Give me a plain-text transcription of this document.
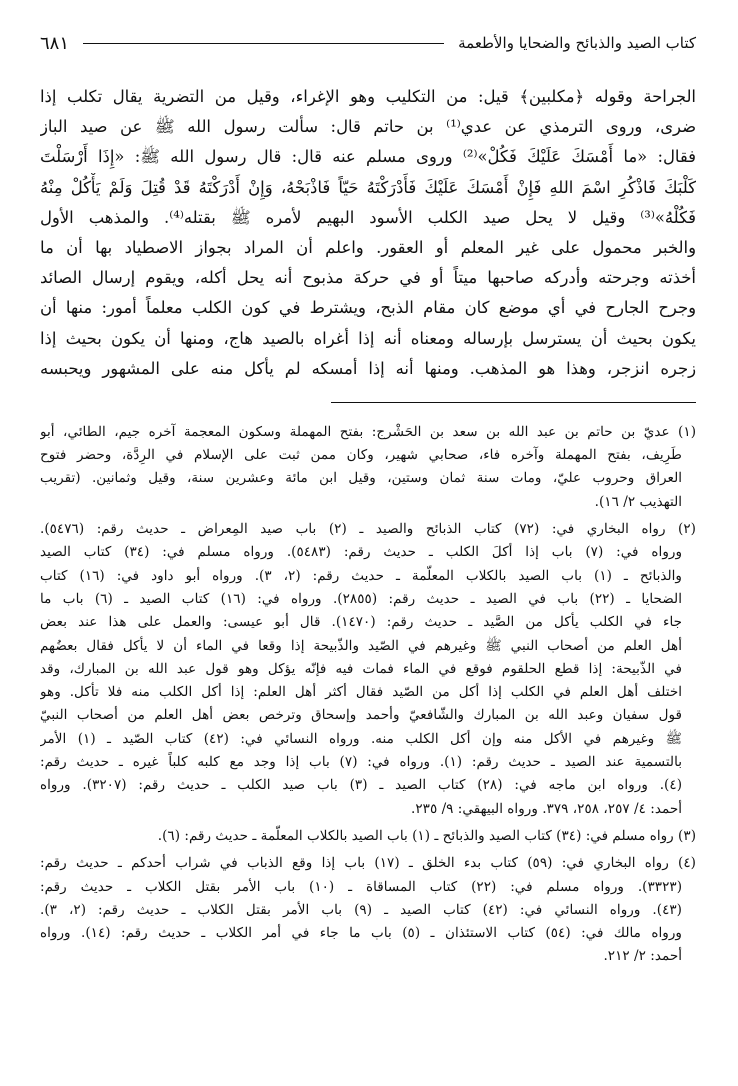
كتاب الصيد والذبائح والضحايا والأطعمة
٦٨١
الجراحة وقوله ﴿مكلبين﴾ قيل: من التكليب وهو الإغراء، وقيل من التضرية يقال تكلب إذا
ضرى، وروى الترمذي عن عدي⁽¹⁾ بن حاتم قال: سألت رسول الله ﷺ عن صيد الباز
فقال: «ما أَمْسَكَ عَلَيْكَ فَكُلْ»⁽²⁾ وروى مسلم عنه قال: قال رسول الله ﷺ: «إِذَا أَرْسَلْتَ
كَلْبَكَ فَاذْكُرِ اسْمَ اللهِ فَإِنْ أَمْسَكَ عَلَيْكَ فَأَدْرَكْتَهُ حَيّاً فَاذْبَحْهُ، وَإِنْ أَدْرَكْتَهُ قَدْ قُتِلَ وَلَمْ يَأْكُلْ مِنْهُ
فَكُلْهُ»⁽³⁾ وقيل لا يحل صيد الكلب الأسود البهيم لأمره ﷺ بقتله⁽⁴⁾. والمذهب الأول
والخبر محمول على غير المعلم أو العقور. واعلم أن المراد بجواز الاصطياد بها أن ما
أخذته وجرحته وأدركه صاحبها ميتاً أو في حركة مذبوح أنه يحل أكله، ويقوم إرسال الصائد
وجرح الجارح في أي موضع كان مقام الذبح، ويشترط في كون الكلب معلماً أمور: منها أن
يكون بحيث أن يسترسل بإرساله ومعناه أنه إذا أغراه بالصيد هاج، ومنها أن يكون بحيث إذا
زجره انزجر، وهذا هو المذهب. ومنها أنه إذا أمسكه لم يأكل منه على المشهور ويحبسه
(١) عديّ بن حاتم بن عبد الله بن سعد بن الحَشْرج: بفتح المهملة وسكون المعجمة آخره جيم، الطائي، أبو
طَرِيف، بفتح المهملة وآخره فاء، صحابي شهير، وكان ممن ثبت على الإسلام في الرِدَّة، وحضر فتوح
العراق وحروب عليّ، ومات سنة ثمان وستين، وقيل ابن مائة وعشرين سنة، وقيل وثمانين. (تقريب
التهذيب ٢/ ١٦).
(٢) رواه البخاري في: (٧٢) كتاب الذبائح والصيد ـ (٢) باب صيد المِعراض ـ حديث رقم: (٥٤٧٦).
ورواه في: (٧) باب إذا أكلَ الكلب ـ حديث رقم: (٥٤٨٣). ورواه مسلم في: (٣٤) كتاب الصيد
والذبائح ـ (١) باب الصيد بالكلاب المعلَّمة ـ حديث رقم: (٢، ٣). ورواه أبو داود في: (١٦) كتاب
الضحايا ـ (٢٢) باب في الصيد ـ حديث رقم: (٢٨٥٥). ورواه في: (١٦) كتاب الصيد ـ (٦) باب ما
جاء في الكلب يأكل من الصَّيد ـ حديث رقم: (١٤٧٠). قال أبو عيسى: والعمل على هذا عند بعض
أهل العلم من أصحاب النبي ﷺ وغيرهم في الصّيد والذّبيحة إذا وقعا في الماء أن لا يأكل فقال بعضُهم
في الذّبيحة: إذا قطع الحلقوم فوقع في الماء فمات فيه فإنّه يؤكل وهو قول عبد الله بن المبارك، وقد
اختلف أهل العلم في الكلب إذا أكل من الصّيد فقال أكثر أهل العلم: إذا أكل الكلب منه فلا تأكل. وهو
قول سفيان وعبد الله بن المبارك والشّافعيّ وأحمد وإسحاق وترخص بعض أهل العلم من أصحاب النبيّ
ﷺ وغيرهم في الأكل منه وإن أكل الكلب منه. ورواه النسائي في: (٤٢) كتاب الصّيد ـ (١) الأمر
بالتسمية عند الصيد ـ حديث رقم: (١). ورواه في: (٧) باب إذا وجد مع كلبه كلباً غيره ـ حديث رقم:
(٤). ورواه ابن ماجه في: (٢٨) كتاب الصيد ـ (٣) باب صيد الكلب ـ حديث رقم: (٣٢٠٧). ورواه
أحمد: ٤/ ٢٥٧، ٢٥٨، ٣٧٩. ورواه البيهقي: ٩/ ٢٣٥.
(٣) رواه مسلم في: (٣٤) كتاب الصيد والذبائح ـ (١) باب الصيد بالكلاب المعلَّمة ـ حديث رقم: (٦).
(٤) رواه البخاري في: (٥٩) كتاب بدء الخلق ـ (١٧) باب إذا وقع الذباب في شراب أحدكم ـ حديث رقم:
(٣٣٢٣). ورواه مسلم في: (٢٢) كتاب المساقاة ـ (١٠) باب الأمر بقتل الكلاب ـ حديث رقم:
(٤٣). ورواه النسائي في: (٤٢) كتاب الصيد ـ (٩) باب الأمر بقتل الكلاب ـ حديث رقم: (٢، ٣).
ورواه مالك في: (٥٤) كتاب الاستئذان ـ (٥) باب ما جاء في أمر الكلاب ـ حديث رقم: (١٤). ورواه
أحمد: ٢/ ٢١٢.
